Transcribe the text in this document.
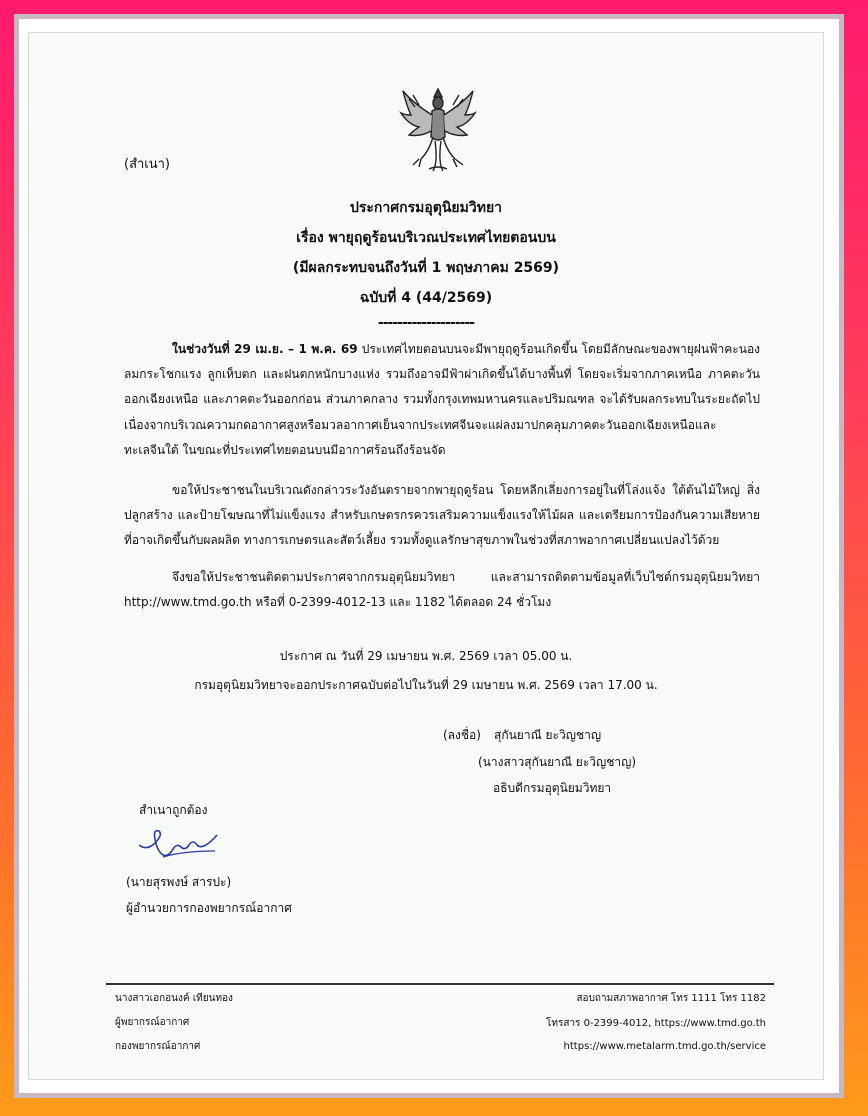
(สำเนา)
ประกาศกรมอุตุนิยมวิทยา
เรื่อง พายุฤดูร้อนบริเวณประเทศไทยตอนบน
(มีผลกระทบจนถึงวันที่ 1 พฤษภาคม 2569)
ฉบับที่ 4 (44/2569)
--------------------

ในช่วงวันที่ 29 เม.ย. – 1 พ.ค. 69 ประเทศไทยตอนบนจะมีพายุฤดูร้อนเกิดขึ้น โดยมีลักษณะของพายุฝนฟ้าคะนอง ลมกระโชกแรง ลูกเห็บตก และฝนตกหนักบางแห่ง รวมถึงอาจมีฟ้าผ่าเกิดขึ้นได้บางพื้นที่ โดยจะเริ่มจากภาคเหนือ ภาคตะวันออกเฉียงเหนือ และภาคตะวันออกก่อน ส่วนภาคกลาง รวมทั้งกรุงเทพมหานครและปริมณฑล จะได้รับผลกระทบในระยะถัดไป เนื่องจากบริเวณความกดอากาศสูงหรือมวลอากาศเย็นจากประเทศจีนจะแผ่ลงมาปกคลุมภาคตะวันออกเฉียงเหนือและทะเลจีนใต้ ในขณะที่ประเทศไทยตอนบนมีอากาศร้อนถึงร้อนจัด

ขอให้ประชาชนในบริเวณดังกล่าวระวังอันตรายจากพายุฤดูร้อน โดยหลีกเลี่ยงการอยู่ในที่โล่งแจ้ง ใต้ต้นไม้ใหญ่ สิ่งปลูกสร้าง และป้ายโฆษณาที่ไม่แข็งแรง สำหรับเกษตรกรควรเสริมความแข็งแรงให้ไม้ผล และเตรียมการป้องกันความเสียหายที่อาจเกิดขึ้นกับผลผลิต ทางการเกษตรและสัตว์เลี้ยง รวมทั้งดูแลรักษาสุขภาพในช่วงที่สภาพอากาศเปลี่ยนแปลงไว้ด้วย

จึงขอให้ประชาชนติดตามประกาศจากกรมอุตุนิยมวิทยา และสามารถติดตามข้อมูลที่เว็บไซต์กรมอุตุนิยมวิทยา http://www.tmd.go.th หรือที่ 0-2399-4012-13 และ 1182 ได้ตลอด 24 ชั่วโมง

ประกาศ ณ วันที่ 29 เมษายน พ.ศ. 2569 เวลา 05.00 น.
กรมอุตุนิยมวิทยาจะออกประกาศฉบับต่อไปในวันที่ 29 เมษายน พ.ศ. 2569 เวลา 17.00 น.
(ลงชื่อ) สุกันยาณี ยะวิญชาญ
(นางสาวสุกันยาณี ยะวิญชาญ)
อธิบดีกรมอุตุนิยมวิทยา
สำเนาถูกต้อง
(นายสุรพงษ์ สารปะ)
ผู้อำนวยการกองพยากรณ์อากาศ
นางสาวเอกอนงค์ เทียนทอง
ผู้พยากรณ์อากาศ
กองพยากรณ์อากาศ
สอบถามสภาพอากาศ โทร 1111 โทร 1182
โทรสาร 0-2399-4012, https://www.tmd.go.th
https://www.metalarm.tmd.go.th/service
